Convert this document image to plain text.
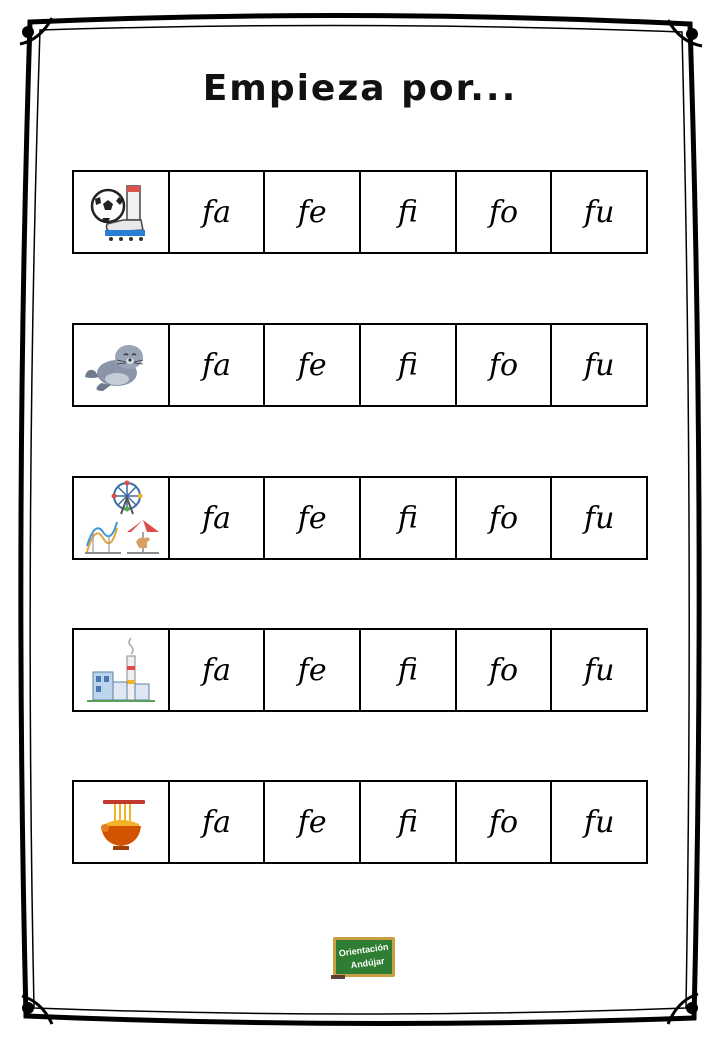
Empieza por...
fa fe fi fo fu
fa fe fi fo fu
fa fe fi fo fu
fa fe fi fo fu
fa fe fi fo fu
Orientación
Andújar
